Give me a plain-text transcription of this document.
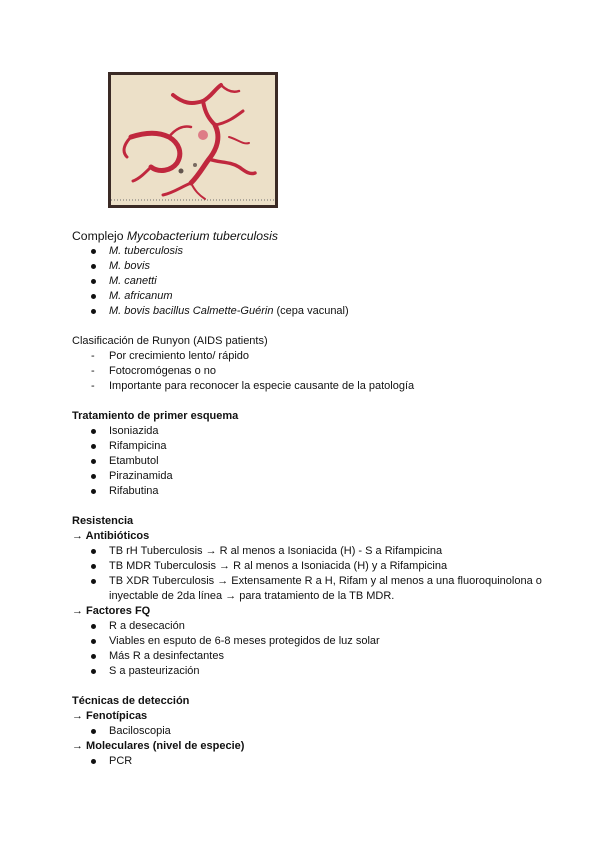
Complejo Mycobacterium tuberculosis

M. tuberculosis
M. bovis
M. canetti
M. africanum
M. bovis bacillus Calmette-Guérin (cepa vacunal)

Clasificación de Runyon (AIDS patients)

- Por crecimiento lento/ rápido
- Fotocromógenas o no
- Importante para reconocer la especie causante de la patología

Tratamiento de primer esquema

Isoniazida
Rifampicina
Etambutol
Pirazinamida
Rifabutina

Resistencia

→ Antibióticos

TB rH Tuberculosis → R al menos a Isoniacida (H) - S a Rifampicina
TB MDR Tuberculosis → R al menos a Isoniacida (H) y a Rifampicina
TB XDR Tuberculosis → Extensamente R a H, Rifam y al menos a una fluoroquinolona o inyectable de 2da línea → para tratamiento de la TB MDR.

→ Factores FQ

R a desecación
Viables en esputo de 6-8 meses protegidos de luz solar
Más R a desinfectantes
S a pasteurización

Técnicas de detección

→ Fenotípicas

Baciloscopia

→ Moleculares (nivel de especie)

PCR
